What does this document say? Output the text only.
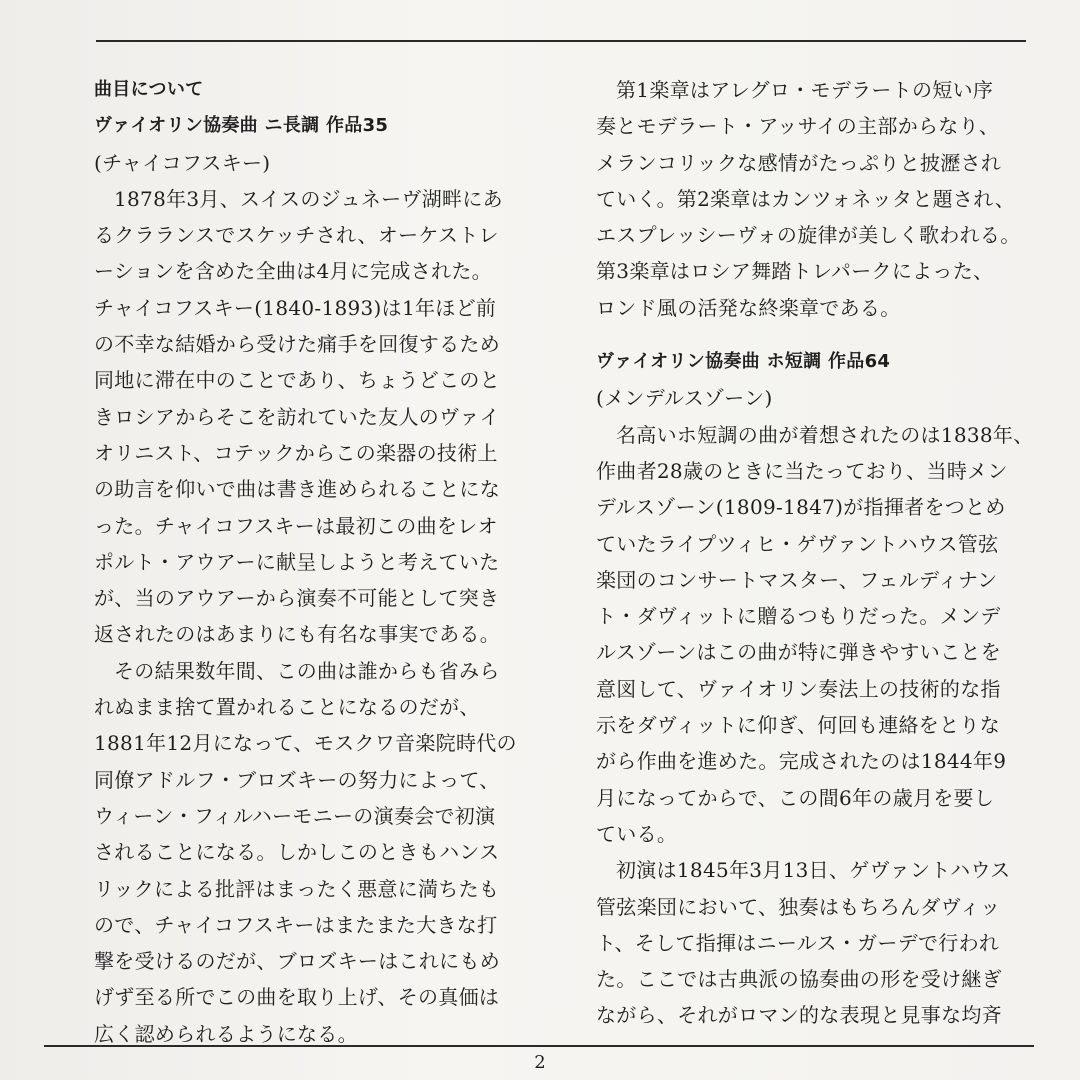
曲目について
ヴァイオリン協奏曲 ニ長調 作品35
(チャイコフスキー)
1878年3月、スイスのジュネーヴ湖畔にあ
るクラランスでスケッチされ、オーケストレ
ーションを含めた全曲は4月に完成された。
チャイコフスキー(1840-1893)は1年ほど前
の不幸な結婚から受けた痛手を回復するため
同地に滞在中のことであり、ちょうどこのと
きロシアからそこを訪れていた友人のヴァイ
オリニスト、コテックからこの楽器の技術上
の助言を仰いで曲は書き進められることにな
った。チャイコフスキーは最初この曲をレオ
ポルト・アウアーに献呈しようと考えていた
が、当のアウアーから演奏不可能として突き
返されたのはあまりにも有名な事実である。
その結果数年間、この曲は誰からも省みら
れぬまま捨て置かれることになるのだが、
1881年12月になって、モスクワ音楽院時代の
同僚アドルフ・ブロズキーの努力によって、
ウィーン・フィルハーモニーの演奏会で初演
されることになる。しかしこのときもハンス
リックによる批評はまったく悪意に満ちたも
ので、チャイコフスキーはまたまた大きな打
撃を受けるのだが、ブロズキーはこれにもめ
げず至る所でこの曲を取り上げ、その真価は
広く認められるようになる。
第1楽章はアレグロ・モデラートの短い序
奏とモデラート・アッサイの主部からなり、
メランコリックな感情がたっぷりと披瀝され
ていく。第2楽章はカンツォネッタと題され、
エスプレッシーヴォの旋律が美しく歌われる。
第3楽章はロシア舞踏トレパークによった、
ロンド風の活発な終楽章である。
ヴァイオリン協奏曲 ホ短調 作品64
(メンデルスゾーン)
名高いホ短調の曲が着想されたのは1838年、
作曲者28歳のときに当たっており、当時メン
デルスゾーン(1809-1847)が指揮者をつとめ
ていたライプツィヒ・ゲヴァントハウス管弦
楽団のコンサートマスター、フェルディナン
ト・ダヴィットに贈るつもりだった。メンデ
ルスゾーンはこの曲が特に弾きやすいことを
意図して、ヴァイオリン奏法上の技術的な指
示をダヴィットに仰ぎ、何回も連絡をとりな
がら作曲を進めた。完成されたのは1844年9
月になってからで、この間6年の歳月を要し
ている。
初演は1845年3月13日、ゲヴァントハウス
管弦楽団において、独奏はもちろんダヴィッ
ト、そして指揮はニールス・ガーデで行われ
た。ここでは古典派の協奏曲の形を受け継ぎ
ながら、それがロマン的な表現と見事な均斉
2
